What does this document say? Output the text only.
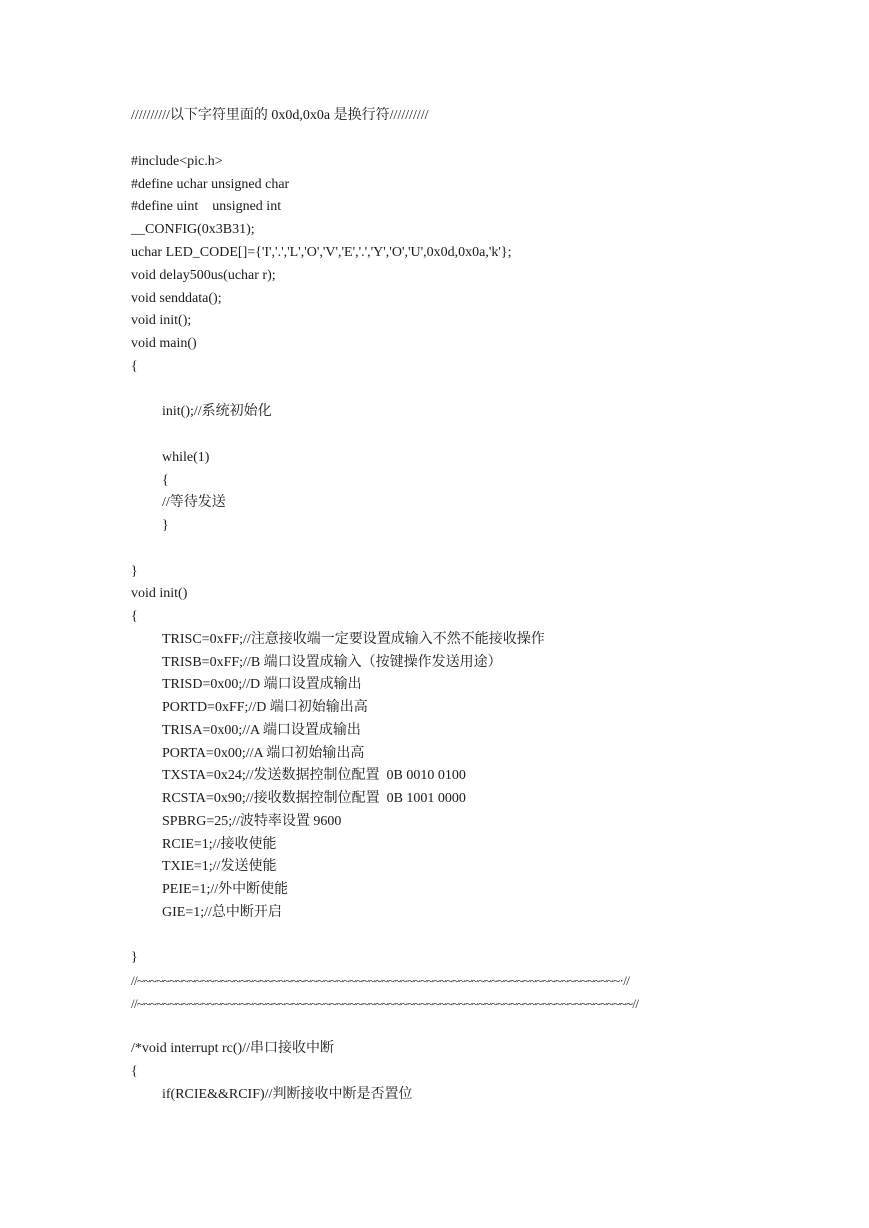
//////////以下字符里面的 0x0d,0x0a 是换行符//////////
#include<pic.h>
#define uchar unsigned char
#define uint    unsigned int
__CONFIG(0x3B31);
uchar LED_CODE[]={'I','.','L','O','V','E','.','Y','O','U',0x0d,0x0a,'k'};
void delay500us(uchar r);
void senddata();
void init();
void main()
{
init();//系统初始化
while(1)
{
//等待发送
}
}
void init()
{
TRISC=0xFF;//注意接收端一定要设置成输入不然不能接收操作
TRISB=0xFF;//B 端口设置成输入（按键操作发送用途）
TRISD=0x00;//D 端口设置成输出
PORTD=0xFF;//D 端口初始输出高
TRISA=0x00;//A 端口设置成输出
PORTA=0x00;//A 端口初始输出高
TXSTA=0x24;//发送数据控制位配置  0B 0010 0100
RCSTA=0x90;//接收数据控制位配置  0B 1001 0000
SPBRG=25;//波特率设置 9600
RCIE=1;//接收使能
TXIE=1;//发送使能
PEIE=1;//外中断使能
GIE=1;//总中断开启
}
//~~~~~~~~~~~~~~~~~~~~~~~~~~~~~~~~~~~~~~~~~~~~~~~~~~~~~~~~~~~~~~~~~~~~~~~~~~~·//
//~~~~~~~~~~~~~~~~~~~~~~~~~~~~~~~~~~~~~~~~~~~~~~~~~~~~~~~~~~~~~~~~~~~~~~~~~~~~~//
/*void interrupt rc()//串口接收中断
{
if(RCIE&&RCIF)//判断接收中断是否置位
